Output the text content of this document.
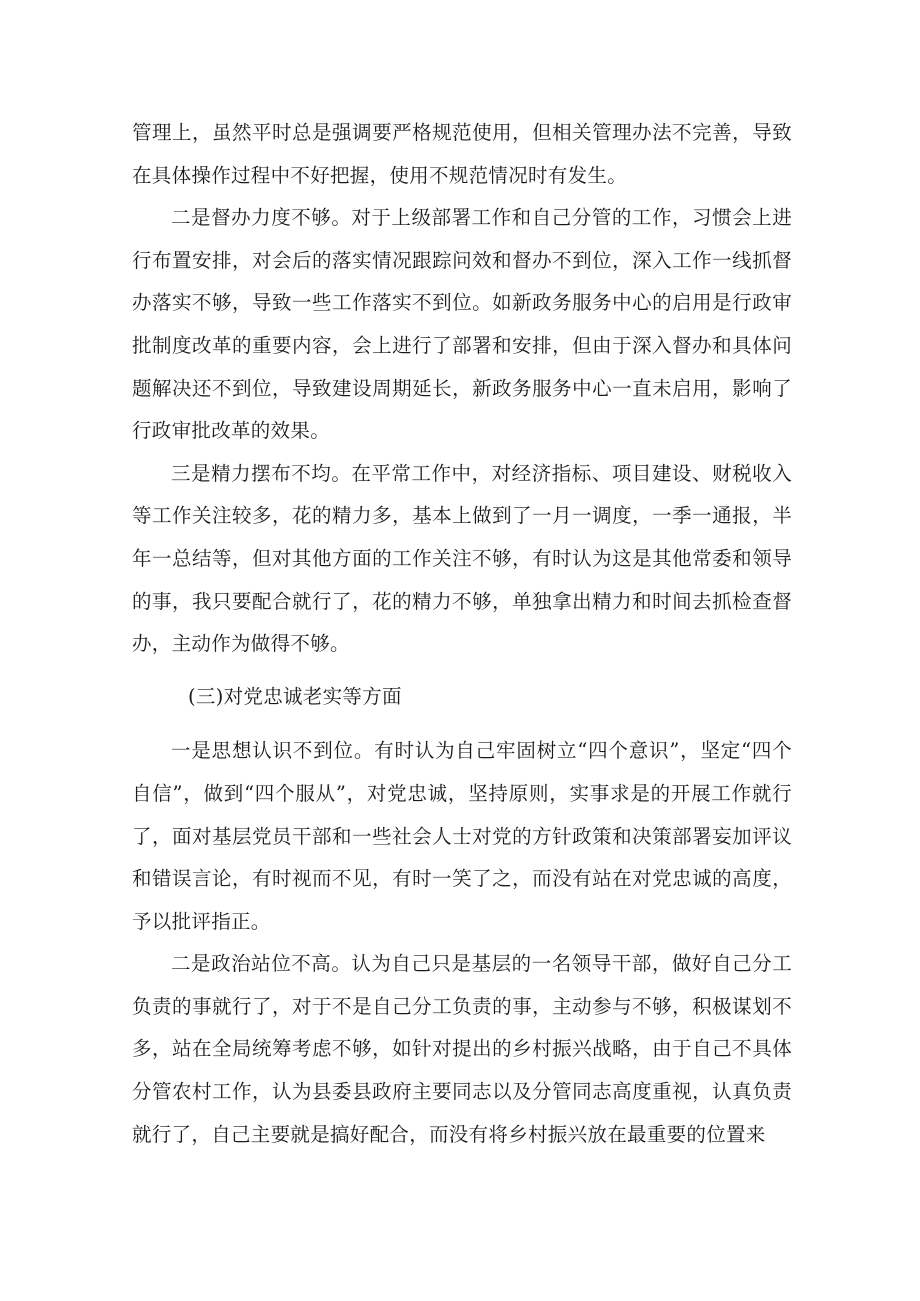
管理上，虽然平时总是强调要严格规范使用，但相关管理办法不完善，导致在具体操作过程中不好把握，使用不规范情况时有发生。

二是督办力度不够。对于上级部署工作和自己分管的工作，习惯会上进行布置安排，对会后的落实情况跟踪问效和督办不到位，深入工作一线抓督办落实不够，导致一些工作落实不到位。如新政务服务中心的启用是行政审批制度改革的重要内容，会上进行了部署和安排，但由于深入督办和具体问题解决还不到位，导致建设周期延长，新政务服务中心一直未启用，影响了行政审批改革的效果。

三是精力摆布不均。在平常工作中，对经济指标、项目建设、财税收入等工作关注较多，花的精力多，基本上做到了一月一调度，一季一通报，半年一总结等，但对其他方面的工作关注不够，有时认为这是其他常委和领导的事，我只要配合就行了，花的精力不够，单独拿出精力和时间去抓检查督办，主动作为做得不够。

(三)对党忠诚老实等方面

一是思想认识不到位。有时认为自己牢固树立“四个意识”，坚定“四个自信”，做到“四个服从”，对党忠诚，坚持原则，实事求是的开展工作就行了，面对基层党员干部和一些社会人士对党的方针政策和决策部署妄加评议和错误言论，有时视而不见，有时一笑了之，而没有站在对党忠诚的高度，予以批评指正。

二是政治站位不高。认为自己只是基层的一名领导干部，做好自己分工负责的事就行了，对于不是自己分工负责的事，主动参与不够，积极谋划不多，站在全局统筹考虑不够，如针对提出的乡村振兴战略，由于自己不具体分管农村工作，认为县委县政府主要同志以及分管同志高度重视，认真负责就行了，自己主要就是搞好配合，而没有将乡村振兴放在最重要的位置来
